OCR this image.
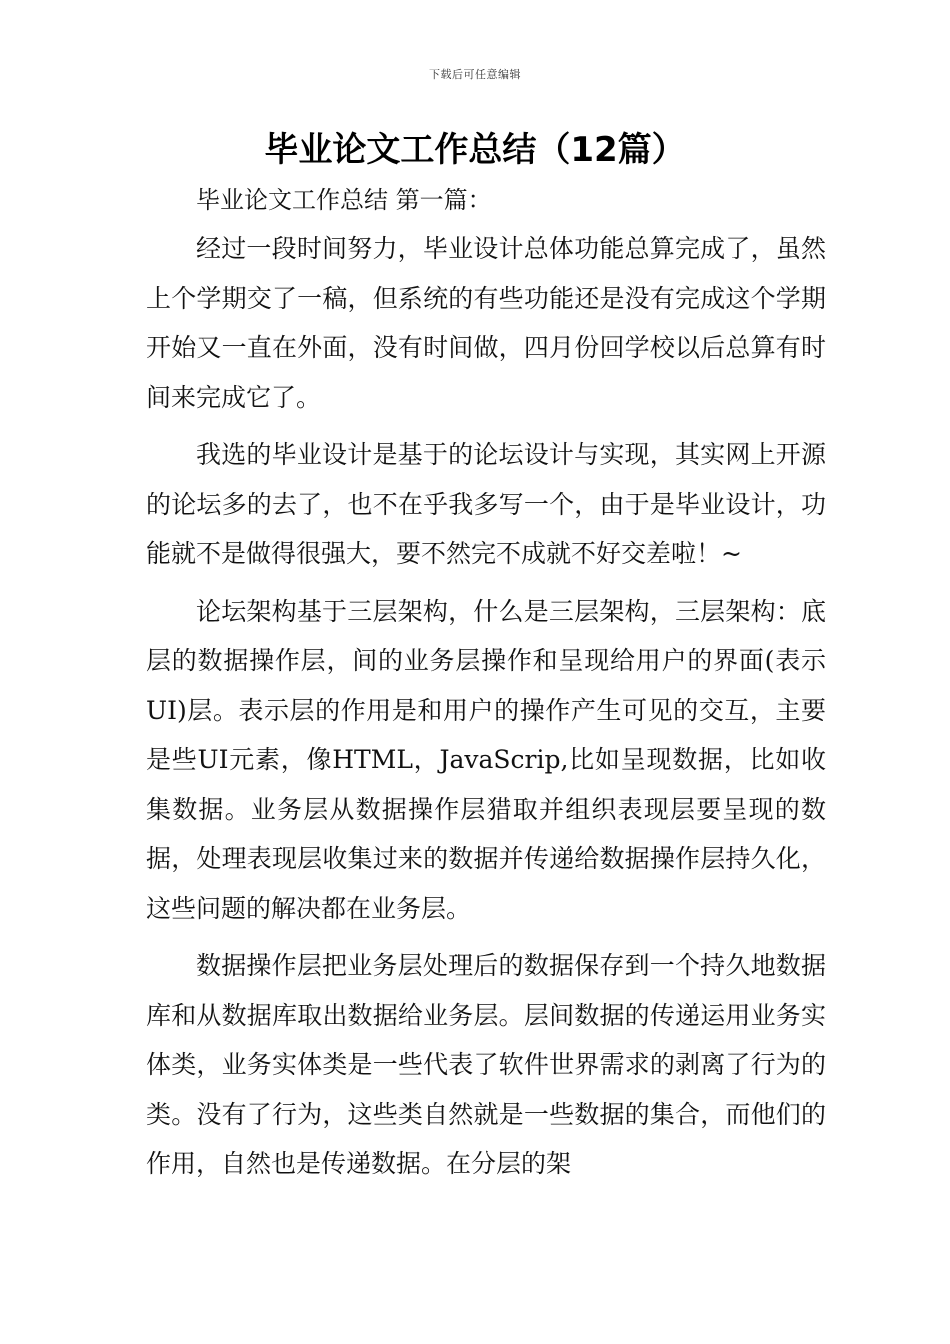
下载后可任意编辑
毕业论文工作总结（12篇）
毕业论文工作总结 第一篇：

经过一段时间努力，毕业设计总体功能总算完成了，虽然上个学期交了一稿，但系统的有些功能还是没有完成这个学期开始又一直在外面，没有时间做，四月份回学校以后总算有时间来完成它了。

我选的毕业设计是基于的论坛设计与实现，其实网上开源的论坛多的去了，也不在乎我多写一个，由于是毕业设计，功能就不是做得很强大，要不然完不成就不好交差啦！~

论坛架构基于三层架构，什么是三层架构，三层架构：底层的数据操作层，间的业务层操作和呈现给用户的界面(表示UI)层。表示层的作用是和用户的操作产生可见的交互，主要是些UI元素，像HTML，JavaScrip,比如呈现数据，比如收集数据。业务层从数据操作层猎取并组织表现层要呈现的数据，处理表现层收集过来的数据并传递给数据操作层持久化，这些问题的解决都在业务层。

数据操作层把业务层处理后的数据保存到一个持久地数据库和从数据库取出数据给业务层。层间数据的传递运用业务实体类，业务实体类是一些代表了软件世界需求的剥离了行为的类。没有了行为，这些类自然就是一些数据的集合，而他们的作用，自然也是传递数据。在分层的架
